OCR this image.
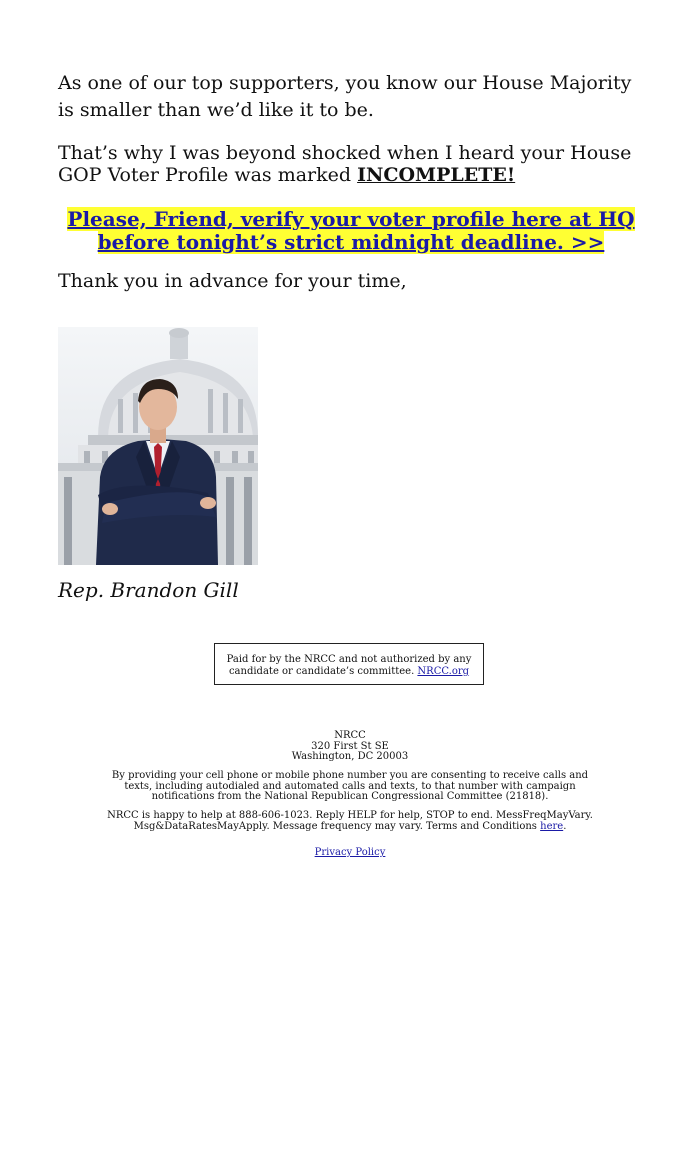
As one of our top supporters, you know our House Majority is smaller than we’d like it to be.

That’s why I was beyond shocked when I heard your House GOP Voter Profile was marked INCOMPLETE!

Please, Friend, verify your voter profile here at HQ before tonight’s strict midnight deadline. >>

Thank you in advance for your time,

Rep. Brandon Gill

Paid for by the NRCC and not authorized by any candidate or candidate’s committee. NRCC.org

NRCC

320 First St SE

Washington, DC 20003

By providing your cell phone or mobile phone number you are consenting to receive calls and texts, including autodialed and automated calls and texts, to that number with campaign notifications from the National Republican Congressional Committee (21818).

NRCC is happy to help at 888-606-1023. Reply HELP for help, STOP to end. MessFreqMayVary. Msg&DataRatesMayApply. Message frequency may vary. Terms and Conditions here.

Privacy Policy
